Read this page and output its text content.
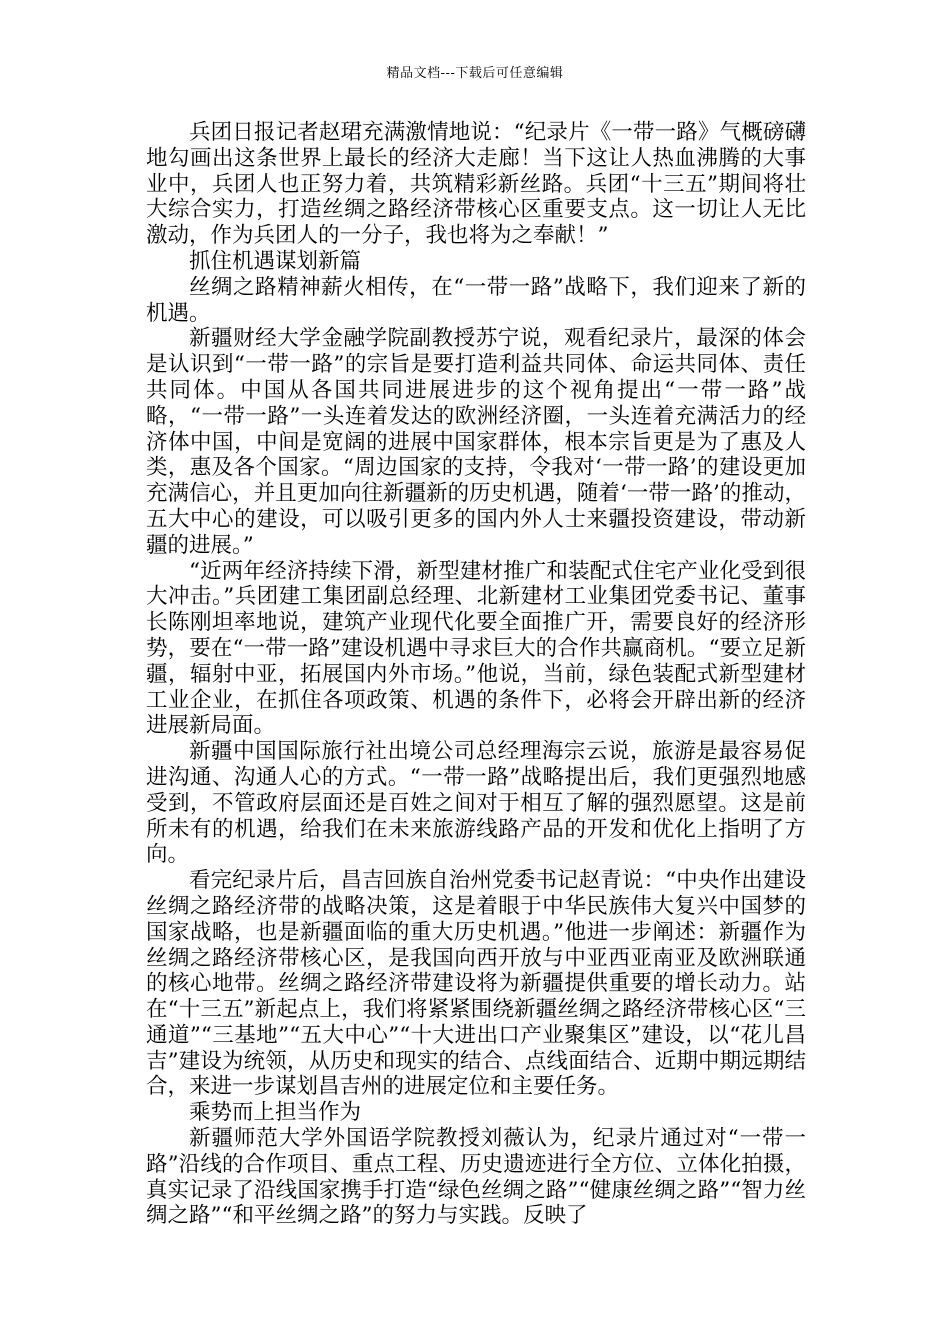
精品文档---下载后可任意编辑

兵团日报记者赵珺充满激情地说：“纪录片《一带一路》气概磅礴地勾画出这条世界上最长的经济大走廊！当下这让人热血沸腾的大事业中，兵团人也正努力着，共筑精彩新丝路。兵团“十三五”期间将壮大综合实力，打造丝绸之路经济带核心区重要支点。这一切让人无比激动，作为兵团人的一分子，我也将为之奉献！”

抓住机遇谋划新篇

丝绸之路精神薪火相传，在“一带一路”战略下，我们迎来了新的机遇。

新疆财经大学金融学院副教授苏宁说，观看纪录片，最深的体会是认识到“一带一路”的宗旨是要打造利益共同体、命运共同体、责任共同体。中国从各国共同进展进步的这个视角提出“一带一路”战略，“一带一路”一头连着发达的欧洲经济圈，一头连着充满活力的经济体中国，中间是宽阔的进展中国家群体，根本宗旨更是为了惠及人类，惠及各个国家。“周边国家的支持，令我对‘一带一路’的建设更加充满信心，并且更加向往新疆新的历史机遇，随着‘一带一路’的推动，五大中心的建设，可以吸引更多的国内外人士来疆投资建设，带动新疆的进展。”

“近两年经济持续下滑，新型建材推广和装配式住宅产业化受到很大冲击。”兵团建工集团副总经理、北新建材工业集团党委书记、董事长陈刚坦率地说，建筑产业现代化要全面推广开，需要良好的经济形势，要在“一带一路”建设机遇中寻求巨大的合作共赢商机。“要立足新疆，辐射中亚，拓展国内外市场。”他说，当前，绿色装配式新型建材工业企业，在抓住各项政策、机遇的条件下，必将会开辟出新的经济进展新局面。

新疆中国国际旅行社出境公司总经理海宗云说，旅游是最容易促进沟通、沟通人心的方式。“一带一路”战略提出后，我们更强烈地感受到，不管政府层面还是百姓之间对于相互了解的强烈愿望。这是前所未有的机遇，给我们在未来旅游线路产品的开发和优化上指明了方向。

看完纪录片后，昌吉回族自治州党委书记赵青说：“中央作出建设丝绸之路经济带的战略决策，这是着眼于中华民族伟大复兴中国梦的国家战略，也是新疆面临的重大历史机遇。”他进一步阐述：新疆作为丝绸之路经济带核心区，是我国向西开放与中亚西亚南亚及欧洲联通的核心地带。丝绸之路经济带建设将为新疆提供重要的增长动力。站在“十三五”新起点上，我们将紧紧围绕新疆丝绸之路经济带核心区“三通道”“三基地”“五大中心”“十大进出口产业聚集区”建设，以“花儿昌吉”建设为统领，从历史和现实的结合、点线面结合、近期中期远期结合，来进一步谋划昌吉州的进展定位和主要任务。

乘势而上担当作为

新疆师范大学外国语学院教授刘薇认为，纪录片通过对“一带一路”沿线的合作项目、重点工程、历史遗迹进行全方位、立体化拍摄，真实记录了沿线国家携手打造“绿色丝绸之路”“健康丝绸之路”“智力丝绸之路”“和平丝绸之路”的努力与实践。反映了
